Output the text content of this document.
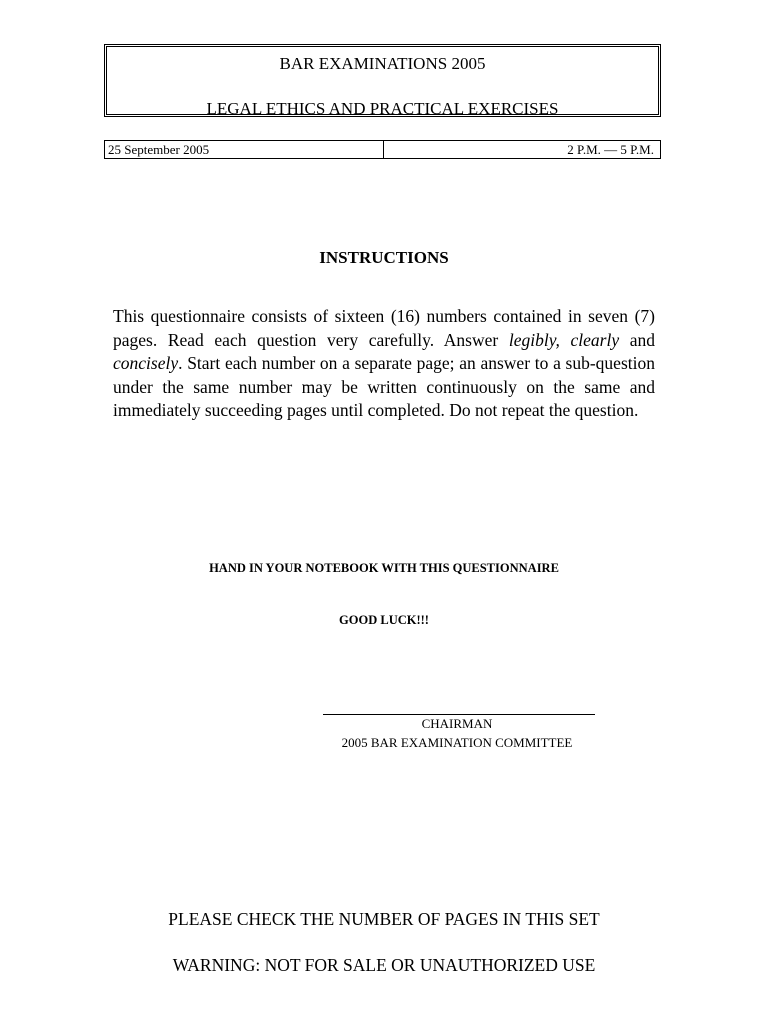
BAR EXAMINATIONS 2005
LEGAL ETHICS AND PRACTICAL EXERCISES
25 September 2005	2 P.M. — 5 P.M.
INSTRUCTIONS
This questionnaire consists of sixteen (16) numbers contained in seven (7) pages. Read each question very carefully. Answer legibly, clearly and concisely. Start each number on a separate page; an answer to a sub-question under the same number may be written continuously on the same and immediately succeeding pages until completed. Do not repeat the question.
HAND IN YOUR NOTEBOOK WITH THIS QUESTIONNAIRE
GOOD LUCK!!!
CHAIRMAN
2005 BAR EXAMINATION COMMITTEE
PLEASE CHECK THE NUMBER OF PAGES IN THIS SET
WARNING: NOT FOR SALE OR UNAUTHORIZED USE
